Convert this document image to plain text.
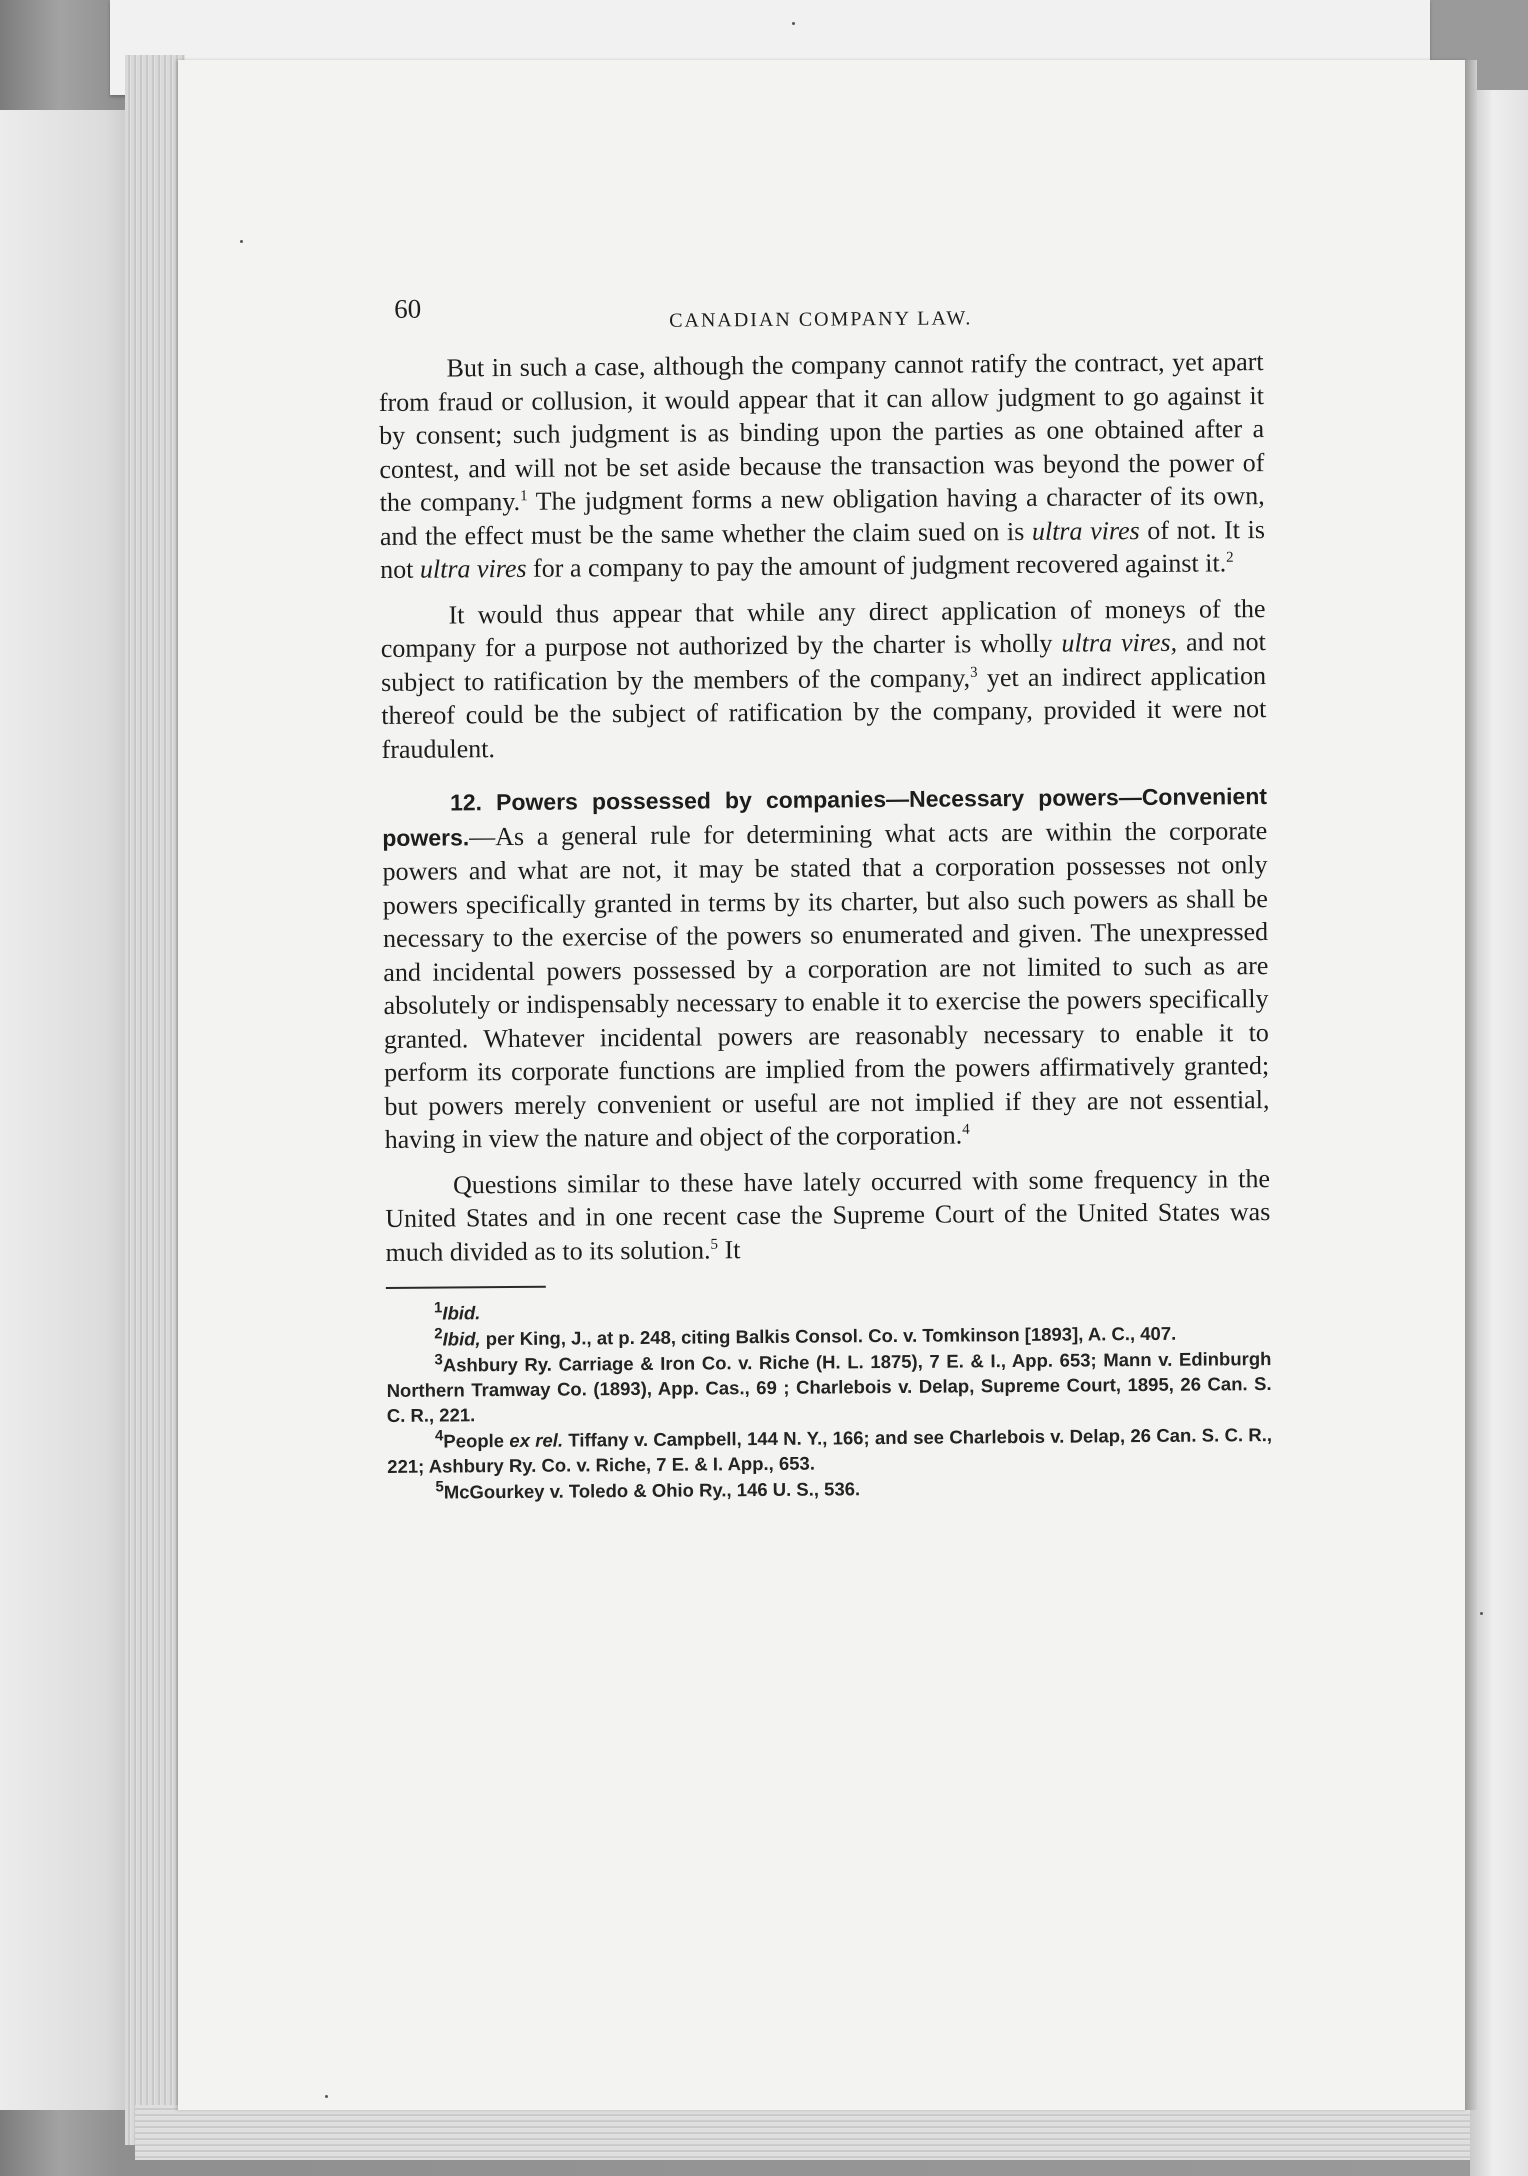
60	CANADIAN COMPANY LAW.

But in such a case, although the company cannot ratify the contract, yet apart from fraud or collusion, it would appear that it can allow judgment to go against it by consent; such judgment is as binding upon the parties as one obtained after a contest, and will not be set aside because the transaction was beyond the power of the company.$^1$ The judgment forms a new obligation having a character of its own, and the effect must be the same whether the claim sued on is ultra vires of not. It is not ultra vires for a company to pay the amount of judgment recovered against it.$^2$

It would thus appear that while any direct application of moneys of the company for a purpose not authorized by the charter is wholly ultra vires, and not subject to ratification by the members of the company,$^3$ yet an indirect application thereof could be the subject of ratification by the company, provided it were not fraudulent.

12. Powers possessed by companies—Necessary powers—Convenient powers.—As a general rule for determining what acts are within the corporate powers and what are not, it may be stated that a corporation possesses not only powers specifically granted in terms by its charter, but also such powers as shall be necessary to the exercise of the powers so enumerated and given. The unexpressed and incidental powers possessed by a corporation are not limited to such as are absolutely or indispensably necessary to enable it to exercise the powers specifically granted. Whatever incidental powers are reasonably necessary to enable it to perform its corporate functions are implied from the powers affirmatively granted; but powers merely convenient or useful are not implied if they are not essential, having in view the nature and object of the corporation.$^4$

Questions similar to these have lately occurred with some frequency in the United States and in one recent case the Supreme Court of the United States was much divided as to its solution.$^5$ It

$^1$Ibid.

$^2$Ibid, per King, J., at p. 248, citing Balkis Consol. Co. v. Tomkinson [1893], A. C., 407.

$^3$Ashbury Ry. Carriage & Iron Co. v. Riche (H. L. 1875), 7 E. & I., App. 653; Mann v. Edinburgh Northern Tramway Co. (1893), App. Cas., 69 ; Charlebois v. Delap, Supreme Court, 1895, 26 Can. S. C. R., 221.

$^4$People ex rel. Tiffany v. Campbell, 144 N. Y., 166; and see Charlebois v. Delap, 26 Can. S. C. R., 221; Ashbury Ry. Co. v. Riche, 7 E. & I. App., 653.

$^5$McGourkey v. Toledo & Ohio Ry., 146 U. S., 536.
